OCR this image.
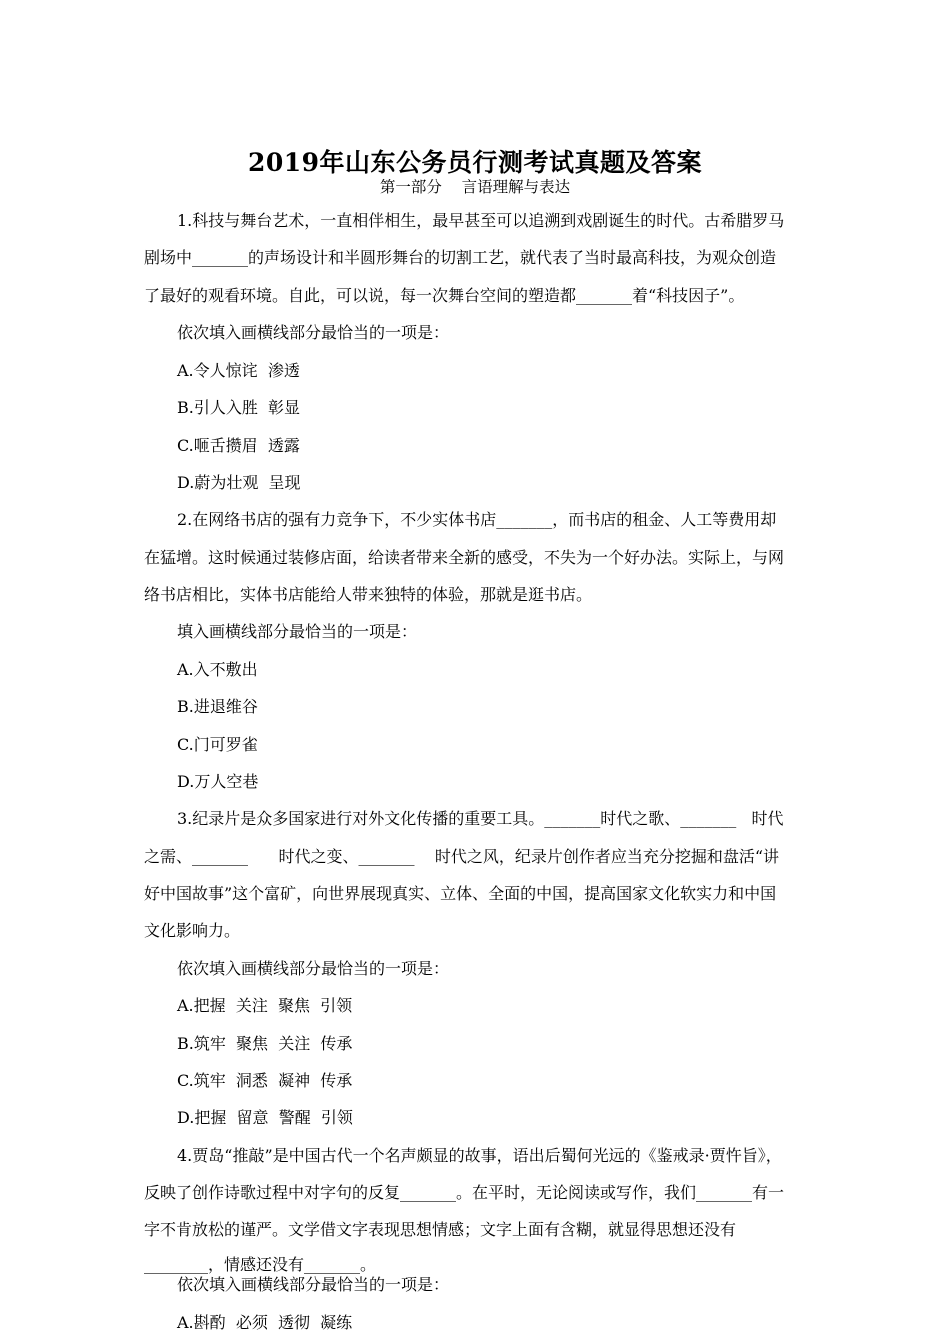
2019年山东公务员行测考试真题及答案
第一部分    言语理解与表达
1.科技与舞台艺术，一直相伴相生，最早甚至可以追溯到戏剧诞生的时代。古希腊罗马
剧场中_______的声场设计和半圆形舞台的切割工艺，就代表了当时最高科技，为观众创造
了最好的观看环境。自此，可以说，每一次舞台空间的塑造都_______着“科技因子”。
依次填入画横线部分最恰当的一项是：
A.令人惊诧  渗透
B.引人入胜  彰显
C.咂舌攒眉  透露
D.蔚为壮观  呈现
2.在网络书店的强有力竞争下，不少实体书店_______，而书店的租金、人工等费用却
在猛增。这时候通过装修店面，给读者带来全新的感受，不失为一个好办法。实际上，与网
络书店相比，实体书店能给人带来独特的体验，那就是逛书店。
填入画横线部分最恰当的一项是：
A.入不敷出
B.进退维谷
C.门可罗雀
D.万人空巷
3.纪录片是众多国家进行对外文化传播的重要工具。_______时代之歌、_______   时代
之需、_______      时代之变、_______    时代之风，纪录片创作者应当充分挖掘和盘活“讲
好中国故事”这个富矿，向世界展现真实、立体、全面的中国，提高国家文化软实力和中国
文化影响力。
依次填入画横线部分最恰当的一项是：
A.把握  关注  聚焦  引领
B.筑牢  聚焦  关注  传承
C.筑牢  洞悉  凝神  传承
D.把握  留意  警醒  引领
4.贾岛“推敲”是中国古代一个名声颇显的故事，语出后蜀何光远的《鉴戒录·贾忤旨》，
反映了创作诗歌过程中对字句的反复_______。在平时，无论阅读或写作，我们_______有一
字不肯放松的谨严。文学借文字表现思想情感；文字上面有含糊，就显得思想还没有
________，情感还没有_______。
依次填入画横线部分最恰当的一项是：
A.斟酌  必须  透彻  凝练
